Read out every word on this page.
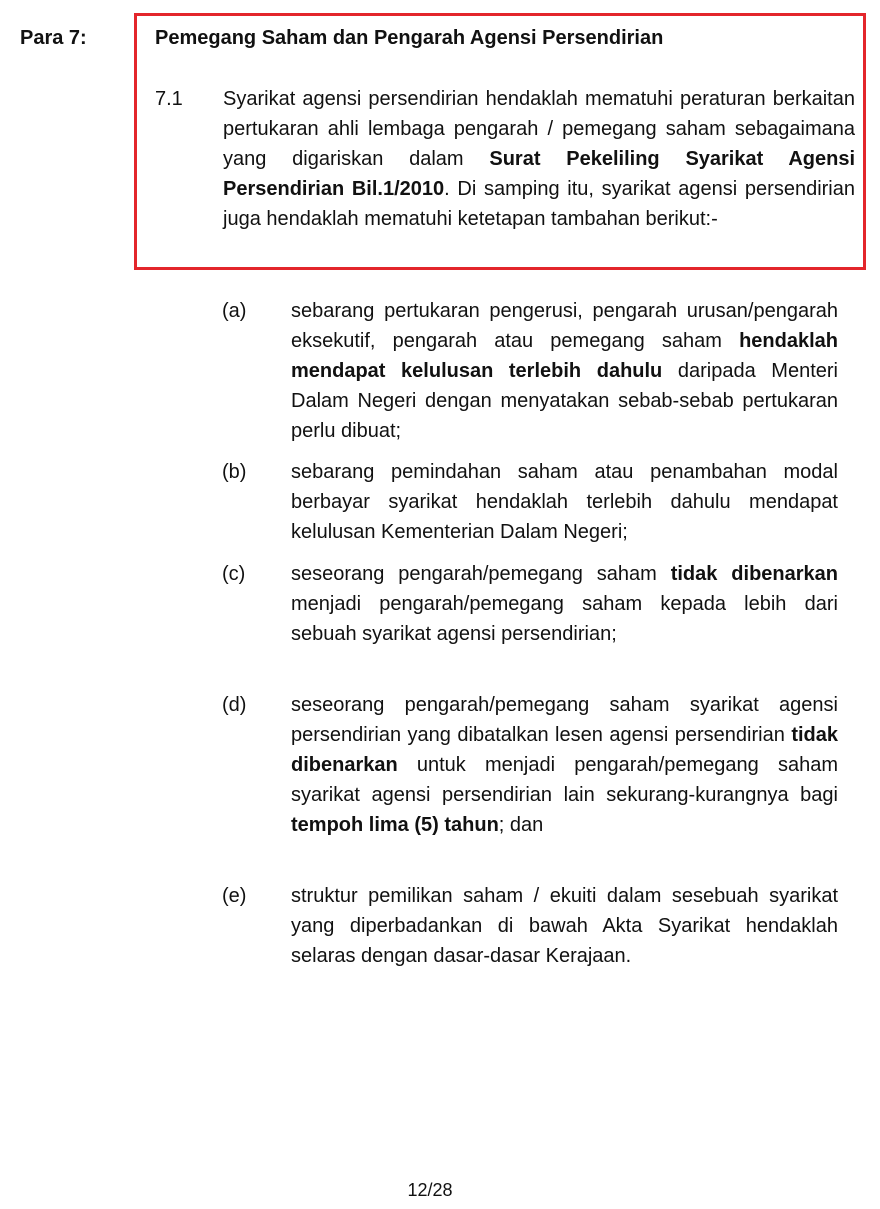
Para 7:	Pemegang Saham dan Pengarah Agensi Persendirian
7.1 Syarikat agensi persendirian hendaklah mematuhi peraturan berkaitan pertukaran ahli lembaga pengarah / pemegang saham sebagaimana yang digariskan dalam Surat Pekeliling Syarikat Agensi Persendirian Bil.1/2010. Di samping itu, syarikat agensi persendirian juga hendaklah mematuhi ketetapan tambahan berikut:-
(a) sebarang pertukaran pengerusi, pengarah urusan/pengarah eksekutif, pengarah atau pemegang saham hendaklah mendapat kelulusan terlebih dahulu daripada Menteri Dalam Negeri dengan menyatakan sebab-sebab pertukaran perlu dibuat;
(b) sebarang pemindahan saham atau penambahan modal berbayar syarikat hendaklah terlebih dahulu mendapat kelulusan Kementerian Dalam Negeri;
(c) seseorang pengarah/pemegang saham tidak dibenarkan menjadi pengarah/pemegang saham kepada lebih dari sebuah syarikat agensi persendirian;
(d) seseorang pengarah/pemegang saham syarikat agensi persendirian yang dibatalkan lesen agensi persendirian tidak dibenarkan untuk menjadi pengarah/pemegang saham syarikat agensi persendirian lain sekurang-kurangnya bagi tempoh lima (5) tahun; dan
(e) struktur pemilikan saham / ekuiti dalam sesebuah syarikat yang diperbadankan di bawah Akta Syarikat hendaklah selaras dengan dasar-dasar Kerajaan.
12/28
